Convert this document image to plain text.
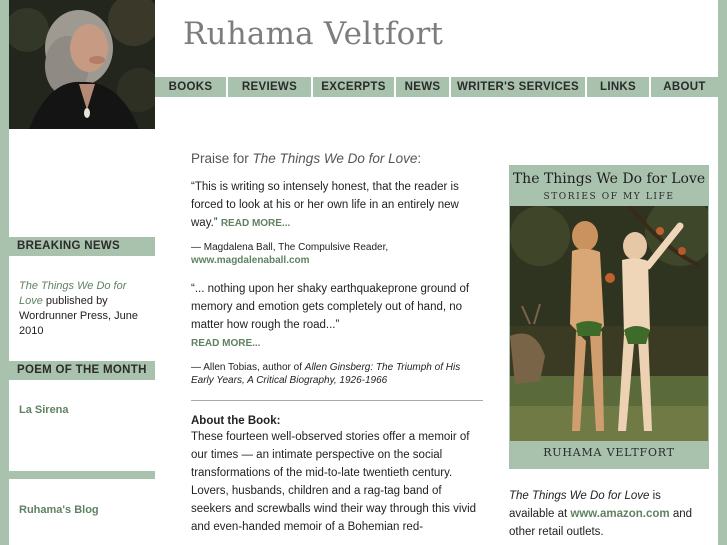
BREAKING NEWS
The Things We Do for Love published by Wordrunner Press, June 2010
POEM OF THE MONTH
La Sirena
Ruhama's Blog
Ruhama Veltfort
BOOKS	REVIEWS	EXCERPTS	NEWS	WRITER'S SERVICES	LINKS	ABOUT
Praise for The Things We Do for Love:
“This is writing so intensely honest, that the reader is forced to look at his or her own life in an entirely new way.” READ MORE...
— Magdalena Ball, The Compulsive Reader, www.magdalenaball.com
“... nothing upon her shaky earthquakeprone ground of memory and emotion gets completely out of hand, no matter how rough the road...”
READ MORE...
— Allen Tobias, author of Allen Ginsberg: The Triumph of His Early Years, A Critical Biography, 1926-1966
About the Book:
These fourteen well-observed stories offer a memoir of our times — an intimate perspective on the social transformations of the mid-to-late twentieth century. Lovers, husbands, children and a rag-tag band of seekers and screwballs wind their way through this vivid and even-handed memoir of a Bohemian red-
The Things We Do for Love
STORIES OF MY LIFE
RUHAMA VELTFORT
The Things We Do for Love is available at www.amazon.com and other retail outlets.
